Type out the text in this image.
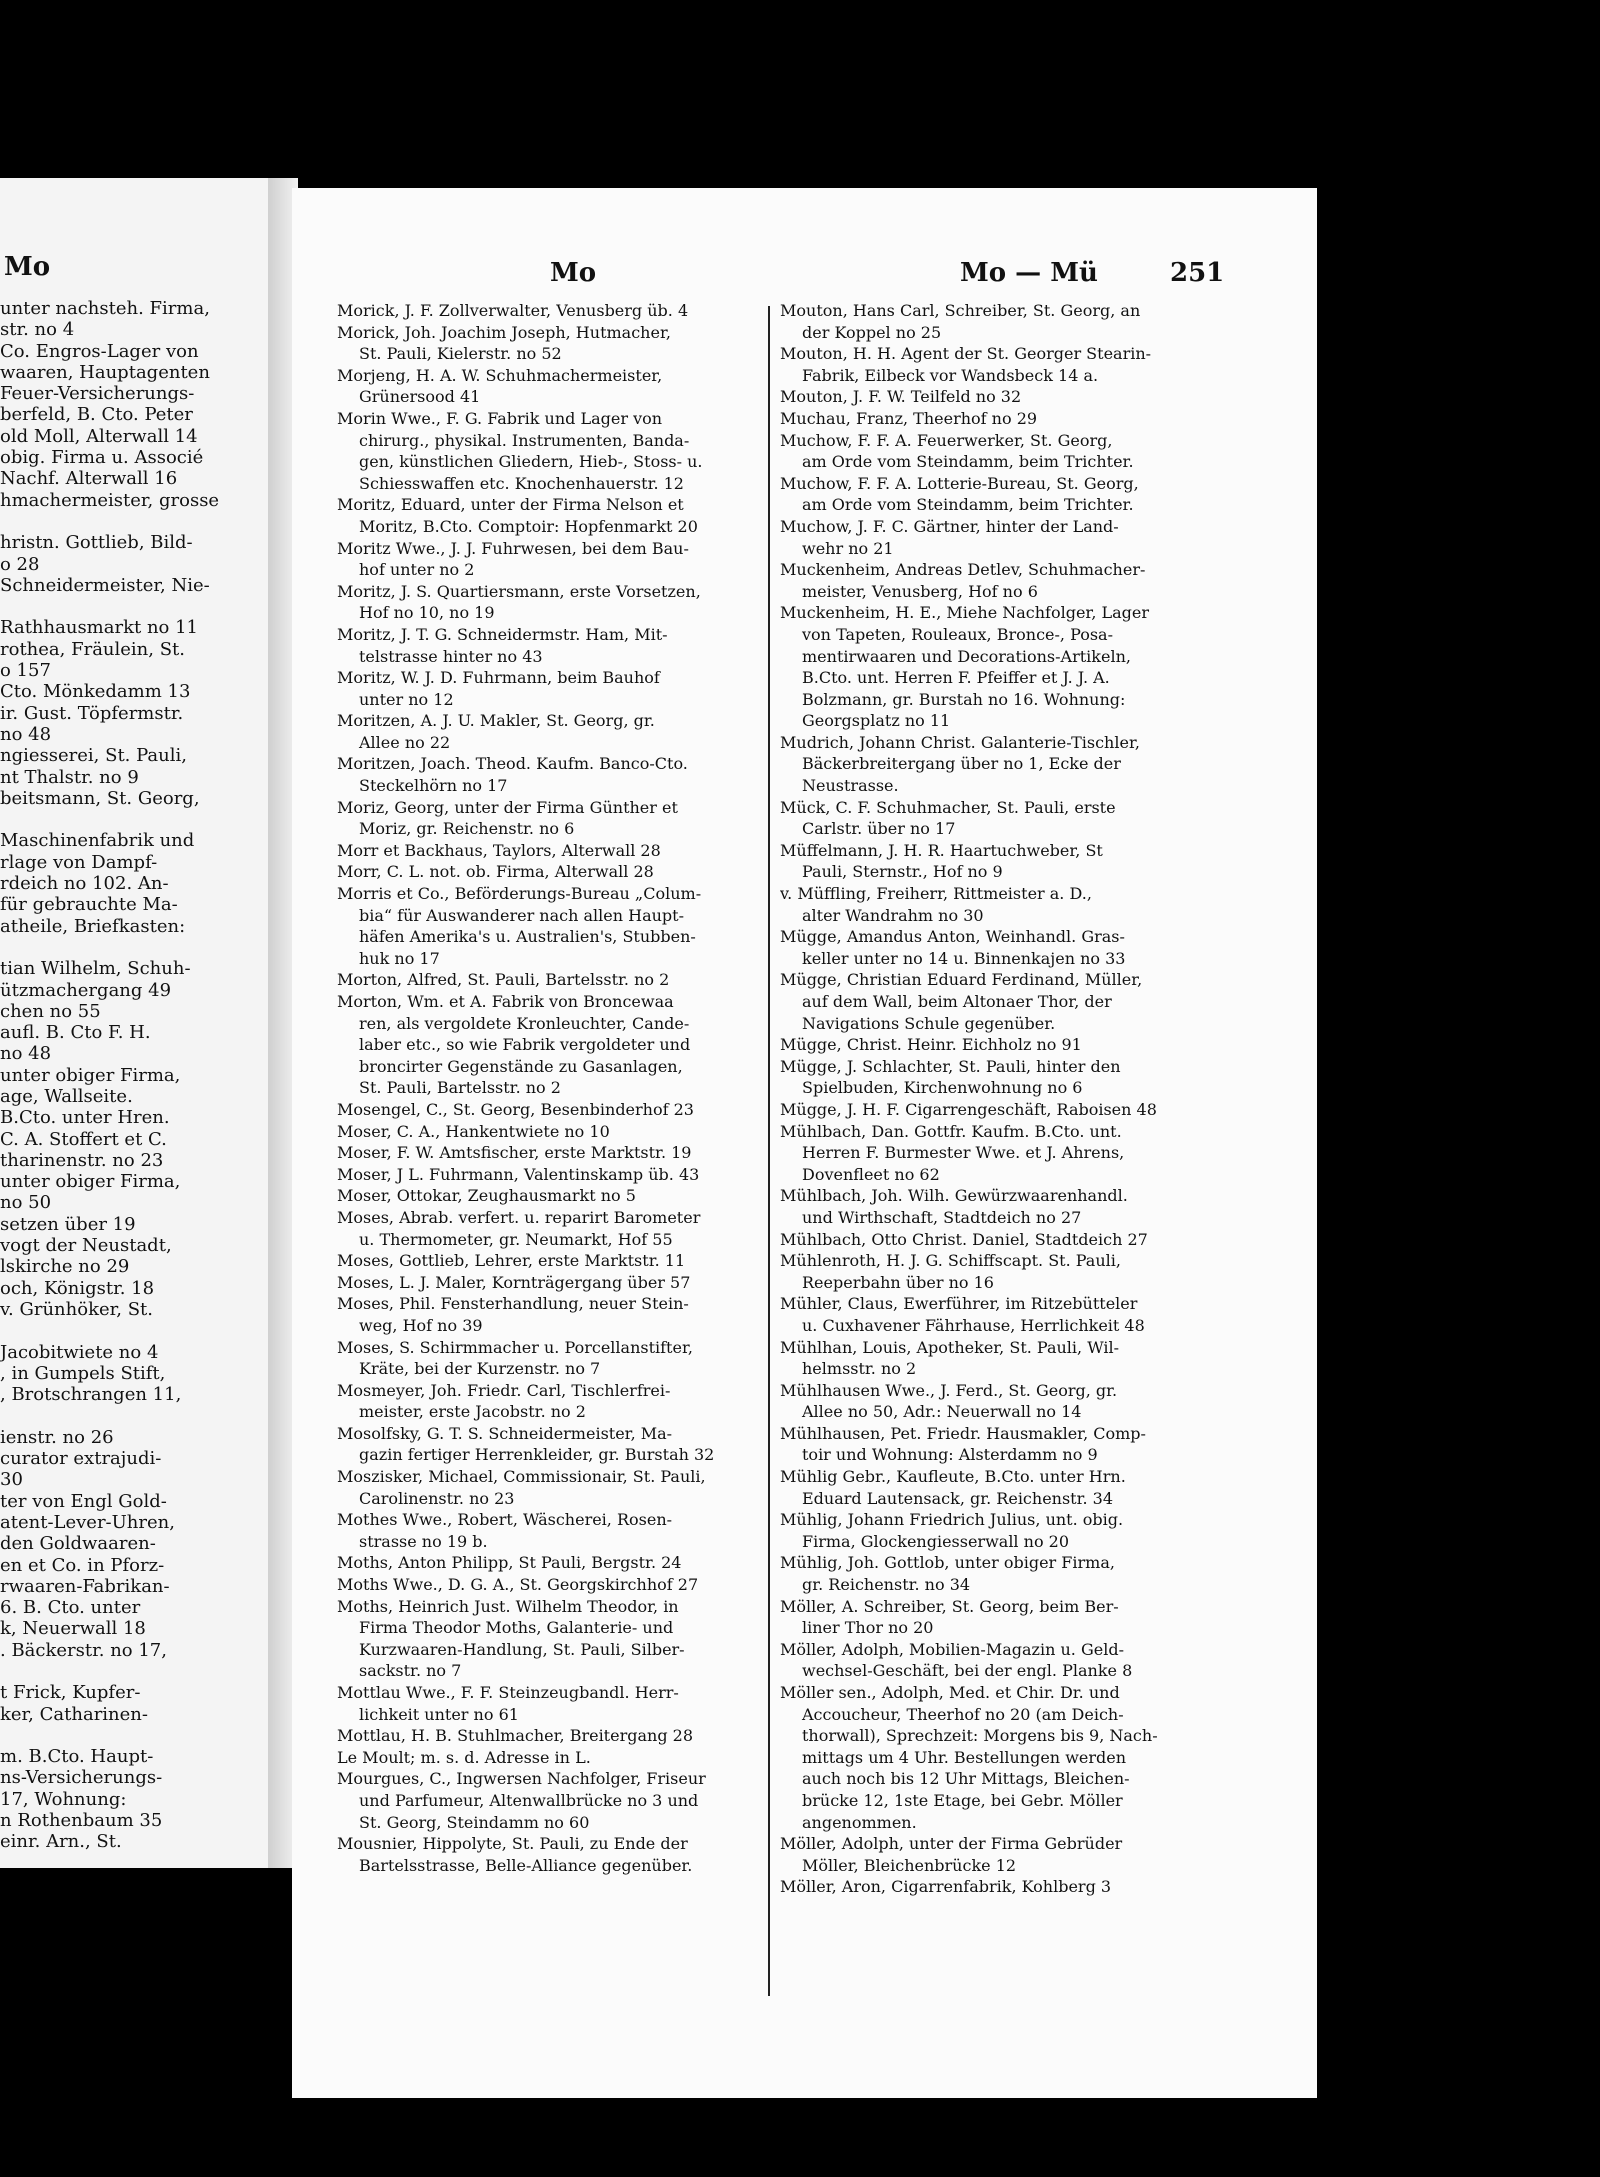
Mo
unter nachsteh. Firma,
str. no 4
Co. Engros-Lager von
waaren, Hauptagenten
Feuer-Versicherungs-
berfeld, B. Cto. Peter
old Moll, Alterwall 14
obig. Firma u. Associé
Nachf. Alterwall 16
hmachermeister, grosse
hristn. Gottlieb, Bild-
o 28
Schneidermeister, Nie-
Rathhausmarkt no 11
rothea, Fräulein, St.
o 157
Cto. Mönkedamm 13
ir. Gust. Töpfermstr.
no 48
ngiesserei, St. Pauli,
nt Thalstr. no 9
beitsmann, St. Georg,
Maschinenfabrik und
rlage von Dampf-
rdeich no 102. An-
für gebrauchte Ma-
atheile, Briefkasten:
tian Wilhelm, Schuh-
ützmachergang 49
chen no 55
aufl. B. Cto F. H.
no 48
unter obiger Firma,
age, Wallseite.
B.Cto. unter Hren.
C. A. Stoffert et C.
tharinenstr. no 23
unter obiger Firma,
no 50
setzen über 19
vogt der Neustadt,
lskirche no 29
och, Königstr. 18
v. Grünhöker, St.
Jacobitwiete no 4
, in Gumpels Stift,
, Brotschrangen 11,
ienstr. no 26
curator extrajudi-
30
ter von Engl Gold-
atent-Lever-Uhren,
den Goldwaaren-
en et Co. in Pforz-
rwaaren-Fabrikan-
6. B. Cto. unter
k, Neuerwall 18
. Bäckerstr. no 17,
t Frick, Kupfer-
ker, Catharinen-
m. B.Cto. Haupt-
ns-Versicherungs-
17, Wohnung:
n Rothenbaum 35
einr. Arn., St.
Mo	Mo — Mü	251
Morick, J. F. Zollverwalter, Venusberg üb. 4
Morick, Joh. Joachim Joseph, Hutmacher,
St. Pauli, Kielerstr. no 52
Morjeng, H. A. W. Schuhmachermeister,
Grünersood 41
Morin Wwe., F. G. Fabrik und Lager von
chirurg., physikal. Instrumenten, Banda-
gen, künstlichen Gliedern, Hieb-, Stoss- u.
Schiesswaffen etc. Knochenhauerstr. 12
Moritz, Eduard, unter der Firma Nelson et
Moritz, B.Cto. Comptoir: Hopfenmarkt 20
Moritz Wwe., J. J. Fuhrwesen, bei dem Bau-
hof unter no 2
Moritz, J. S. Quartiersmann, erste Vorsetzen,
Hof no 10, no 19
Moritz, J. T. G. Schneidermstr. Ham, Mit-
telstrasse hinter no 43
Moritz, W. J. D. Fuhrmann, beim Bauhof
unter no 12
Moritzen, A. J. U. Makler, St. Georg, gr.
Allee no 22
Moritzen, Joach. Theod. Kaufm. Banco-Cto.
Steckelhörn no 17
Moriz, Georg, unter der Firma Günther et
Moriz, gr. Reichenstr. no 6
Morr et Backhaus, Taylors, Alterwall 28
Morr, C. L. not. ob. Firma, Alterwall 28
Morris et Co., Beförderungs-Bureau „Colum-
bia“ für Auswanderer nach allen Haupt-
häfen Amerika's u. Australien's, Stubben-
huk no 17
Morton, Alfred, St. Pauli, Bartelsstr. no 2
Morton, Wm. et A. Fabrik von Broncewaa
ren, als vergoldete Kronleuchter, Cande-
laber etc., so wie Fabrik vergoldeter und
broncirter Gegenstände zu Gasanlagen,
St. Pauli, Bartelsstr. no 2
Mosengel, C., St. Georg, Besenbinderhof 23
Moser, C. A., Hankentwiete no 10
Moser, F. W. Amtsfischer, erste Marktstr. 19
Moser, J L. Fuhrmann, Valentinskamp üb. 43
Moser, Ottokar, Zeughausmarkt no 5
Moses, Abrab. verfert. u. reparirt Barometer
u. Thermometer, gr. Neumarkt, Hof 55
Moses, Gottlieb, Lehrer, erste Marktstr. 11
Moses, L. J. Maler, Kornträgergang über 57
Moses, Phil. Fensterhandlung, neuer Stein-
weg, Hof no 39
Moses, S. Schirmmacher u. Porcellanstifter,
Kräte, bei der Kurzenstr. no 7
Mosmeyer, Joh. Friedr. Carl, Tischlerfrei-
meister, erste Jacobstr. no 2
Mosolfsky, G. T. S. Schneidermeister, Ma-
gazin fertiger Herrenkleider, gr. Burstah 32
Moszisker, Michael, Commissionair, St. Pauli,
Carolinenstr. no 23
Mothes Wwe., Robert, Wäscherei, Rosen-
strasse no 19 b.
Moths, Anton Philipp, St Pauli, Bergstr. 24
Moths Wwe., D. G. A., St. Georgskirchhof 27
Moths, Heinrich Just. Wilhelm Theodor, in
Firma Theodor Moths, Galanterie- und
Kurzwaaren-Handlung, St. Pauli, Silber-
sackstr. no 7
Mottlau Wwe., F. F. Steinzeugbandl. Herr-
lichkeit unter no 61
Mottlau, H. B. Stuhlmacher, Breitergang 28
Le Moult; m. s. d. Adresse in L.
Mourgues, C., Ingwersen Nachfolger, Friseur
und Parfumeur, Altenwallbrücke no 3 und
St. Georg, Steindamm no 60
Mousnier, Hippolyte, St. Pauli, zu Ende der
Bartelsstrasse, Belle-Alliance gegenüber.
Mouton, Hans Carl, Schreiber, St. Georg, an
der Koppel no 25
Mouton, H. H. Agent der St. Georger Stearin-
Fabrik, Eilbeck vor Wandsbeck 14 a.
Mouton, J. F. W. Teilfeld no 32
Muchau, Franz, Theerhof no 29
Muchow, F. F. A. Feuerwerker, St. Georg,
am Orde vom Steindamm, beim Trichter.
Muchow, F. F. A. Lotterie-Bureau, St. Georg,
am Orde vom Steindamm, beim Trichter.
Muchow, J. F. C. Gärtner, hinter der Land-
wehr no 21
Muckenheim, Andreas Detlev, Schuhmacher-
meister, Venusberg, Hof no 6
Muckenheim, H. E., Miehe Nachfolger, Lager
von Tapeten, Rouleaux, Bronce-, Posa-
mentirwaaren und Decorations-Artikeln,
B.Cto. unt. Herren F. Pfeiffer et J. J. A.
Bolzmann, gr. Burstah no 16. Wohnung:
Georgsplatz no 11
Mudrich, Johann Christ. Galanterie-Tischler,
Bäckerbreitergang über no 1, Ecke der
Neustrasse.
Mück, C. F. Schuhmacher, St. Pauli, erste
Carlstr. über no 17
Müffelmann, J. H. R. Haartuchweber, St
Pauli, Sternstr., Hof no 9
v. Müffling, Freiherr, Rittmeister a. D.,
alter Wandrahm no 30
Mügge, Amandus Anton, Weinhandl. Gras-
keller unter no 14 u. Binnenkajen no 33
Mügge, Christian Eduard Ferdinand, Müller,
auf dem Wall, beim Altonaer Thor, der
Navigations Schule gegenüber.
Mügge, Christ. Heinr. Eichholz no 91
Mügge, J. Schlachter, St. Pauli, hinter den
Spielbuden, Kirchenwohnung no 6
Mügge, J. H. F. Cigarrengeschäft, Raboisen 48
Mühlbach, Dan. Gottfr. Kaufm. B.Cto. unt.
Herren F. Burmester Wwe. et J. Ahrens,
Dovenfleet no 62
Mühlbach, Joh. Wilh. Gewürzwaarenhandl.
und Wirthschaft, Stadtdeich no 27
Mühlbach, Otto Christ. Daniel, Stadtdeich 27
Mühlenroth, H. J. G. Schiffscapt. St. Pauli,
Reeperbahn über no 16
Mühler, Claus, Ewerführer, im Ritzebütteler
u. Cuxhavener Fährhause, Herrlichkeit 48
Mühlhan, Louis, Apotheker, St. Pauli, Wil-
helmsstr. no 2
Mühlhausen Wwe., J. Ferd., St. Georg, gr.
Allee no 50, Adr.: Neuerwall no 14
Mühlhausen, Pet. Friedr. Hausmakler, Comp-
toir und Wohnung: Alsterdamm no 9
Mühlig Gebr., Kaufleute, B.Cto. unter Hrn.
Eduard Lautensack, gr. Reichenstr. 34
Mühlig, Johann Friedrich Julius, unt. obig.
Firma, Glockengiesserwall no 20
Mühlig, Joh. Gottlob, unter obiger Firma,
gr. Reichenstr. no 34
Möller, A. Schreiber, St. Georg, beim Ber-
liner Thor no 20
Möller, Adolph, Mobilien-Magazin u. Geld-
wechsel-Geschäft, bei der engl. Planke 8
Möller sen., Adolph, Med. et Chir. Dr. und
Accoucheur, Theerhof no 20 (am Deich-
thorwall), Sprechzeit: Morgens bis 9, Nach-
mittags um 4 Uhr. Bestellungen werden
auch noch bis 12 Uhr Mittags, Bleichen-
brücke 12, 1ste Etage, bei Gebr. Möller
angenommen.
Möller, Adolph, unter der Firma Gebrüder
Möller, Bleichenbrücke 12
Möller, Aron, Cigarrenfabrik, Kohlberg 3
